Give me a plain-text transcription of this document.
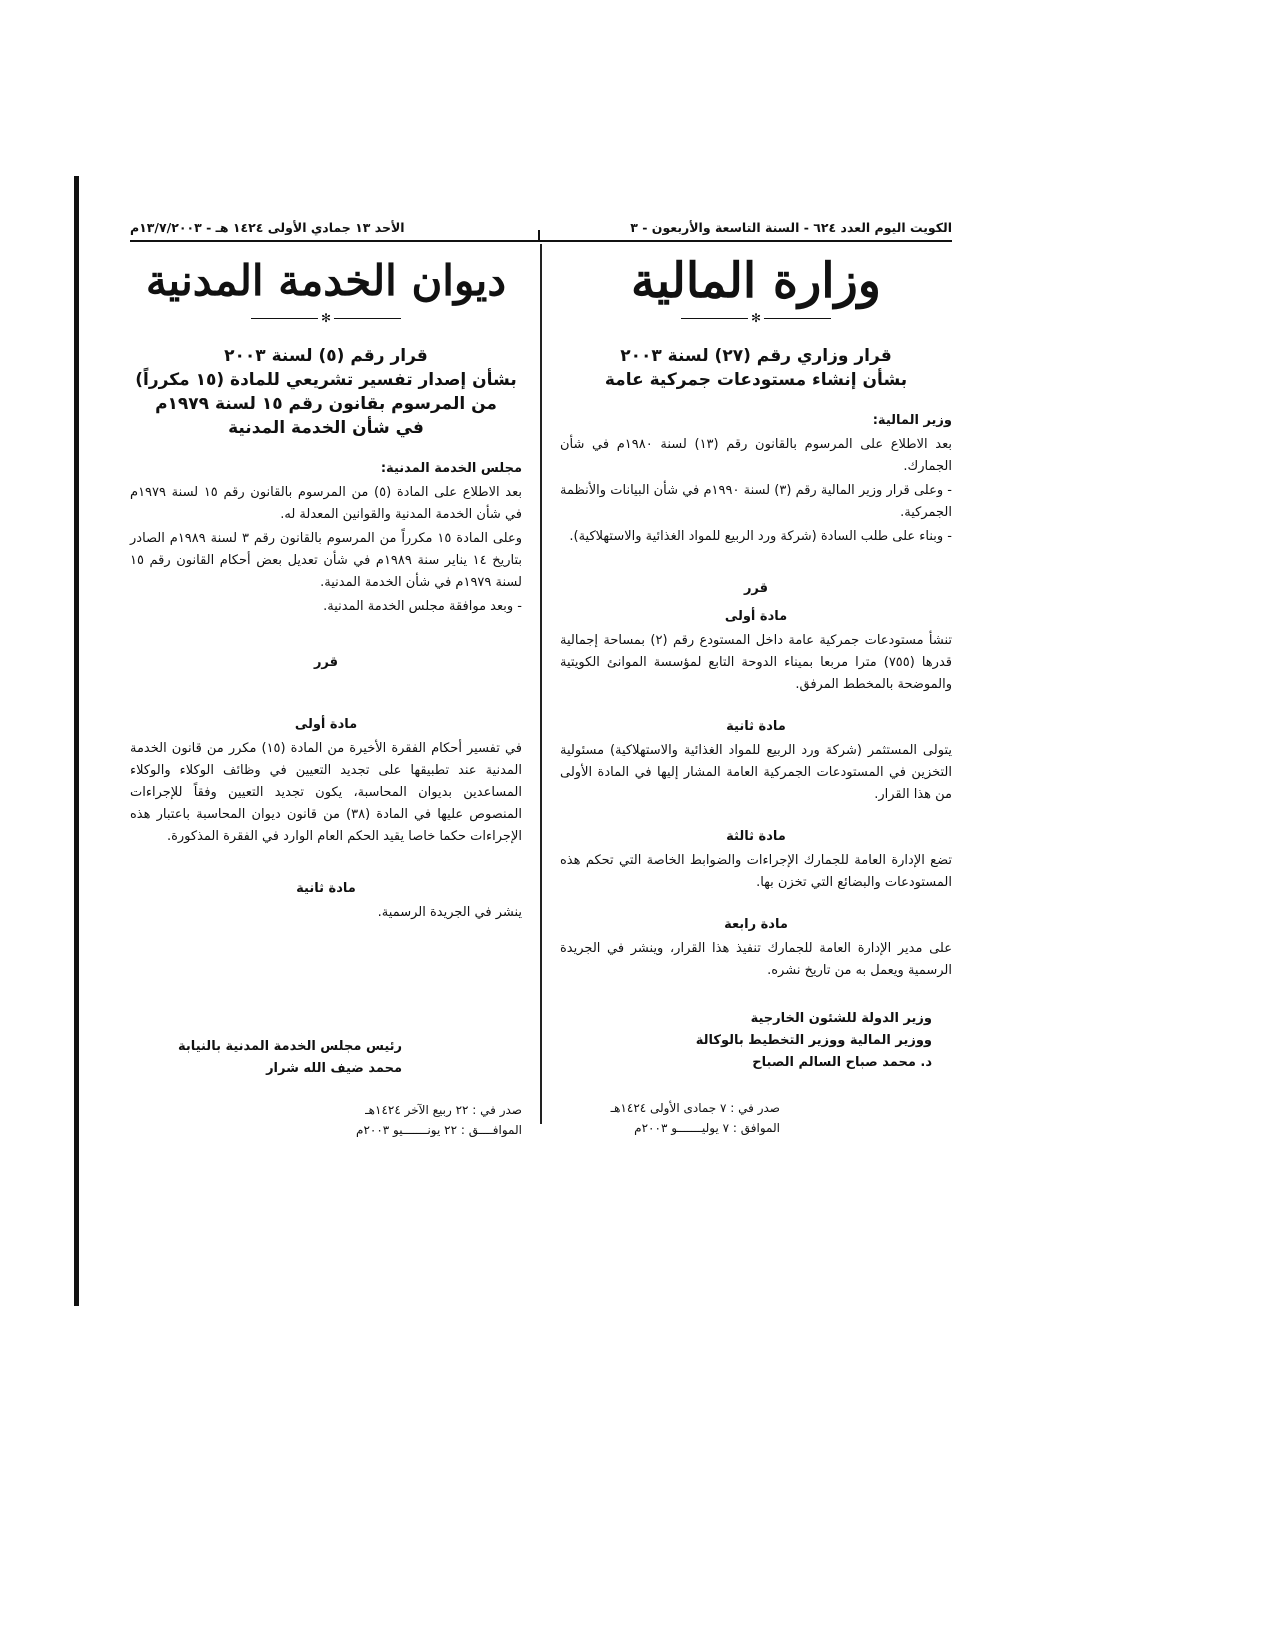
الكويت اليوم العدد ٦٢٤ - السنة التاسعة والأربعون - ٣
الأحد ١٣ جمادي الأولى ١٤٢٤ هـ - ١٣/٧/٢٠٠٣م
وزارة المالية
✻
قرار وزاري رقم (٢٧) لسنة ٢٠٠٣
بشأن إنشاء مستودعات جمركية عامة
وزير المالية:
بعد الاطلاع على المرسوم بالقانون رقم (١٣) لسنة ١٩٨٠م في شأن الجمارك.
- وعلى قرار وزير المالية رقم (٣) لسنة ١٩٩٠م في شأن البيانات والأنظمة الجمركية.
- وبناء على طلب السادة (شركة ورد الربيع للمواد الغذائية والاستهلاكية).
قرر
مادة أولى
تنشأ مستودعات جمركية عامة داخل المستودع رقم (٢) بمساحة إجمالية قدرها (٧٥٥) مترا مربعا بميناء الدوحة التابع لمؤسسة الموانئ الكويتية والموضحة بالمخطط المرفق.
مادة ثانية
يتولى المستثمر (شركة ورد الربيع للمواد الغذائية والاستهلاكية) مسئولية التخزين في المستودعات الجمركية العامة المشار إليها في المادة الأولى من هذا القرار.
مادة ثالثة
تضع الإدارة العامة للجمارك الإجراءات والضوابط الخاصة التي تحكم هذه المستودعات والبضائع التي تخزن بها.
مادة رابعة
على مدير الإدارة العامة للجمارك تنفيذ هذا القرار، وينشر في الجريدة الرسمية ويعمل به من تاريخ نشره.
وزير الدولة للشئون الخارجية
ووزير المالية ووزير التخطيط بالوكالة
د. محمد صباح السالم الصباح
صدر في : ٧ جمادى الأولى ١٤٢٤هـ
الموافق : ٧ يوليـــــــو ٢٠٠٣م
ديوان الخدمة المدنية
✻
قرار رقم (٥) لسنة ٢٠٠٣
بشأن إصدار تفسير تشريعي للمادة (١٥ مكرراً)
من المرسوم بقانون رقم ١٥ لسنة ١٩٧٩م
في شأن الخدمة المدنية
مجلس الخدمة المدنية:
بعد الاطلاع على المادة (٥) من المرسوم بالقانون رقم ١٥ لسنة ١٩٧٩م في شأن الخدمة المدنية والقوانين المعدلة له.
وعلى المادة ١٥ مكرراً من المرسوم بالقانون رقم ٣ لسنة ١٩٨٩م الصادر بتاريخ ١٤ يناير سنة ١٩٨٩م في شأن تعديل بعض أحكام القانون رقم ١٥ لسنة ١٩٧٩م في شأن الخدمة المدنية.
- وبعد موافقة مجلس الخدمة المدنية.
قرر
مادة أولى
في تفسير أحكام الفقرة الأخيرة من المادة (١٥) مكرر من قانون الخدمة المدنية عند تطبيقها على تجديد التعيين في وظائف الوكلاء والوكلاء المساعدين بديوان المحاسبة، يكون تجديد التعيين وفقاً للإجراءات المنصوص عليها في المادة (٣٨) من قانون ديوان المحاسبة باعتبار هذه الإجراءات حكما خاصا يقيد الحكم العام الوارد في الفقرة المذكورة.
مادة ثانية
ينشر في الجريدة الرسمية.
رئيس مجلس الخدمة المدنية بالنيابة
محمد ضيف الله شرار
صدر في : ٢٢ ربيع الآخر ١٤٢٤هـ
الموافــــق : ٢٢ يونـــــــيو ٢٠٠٣م
